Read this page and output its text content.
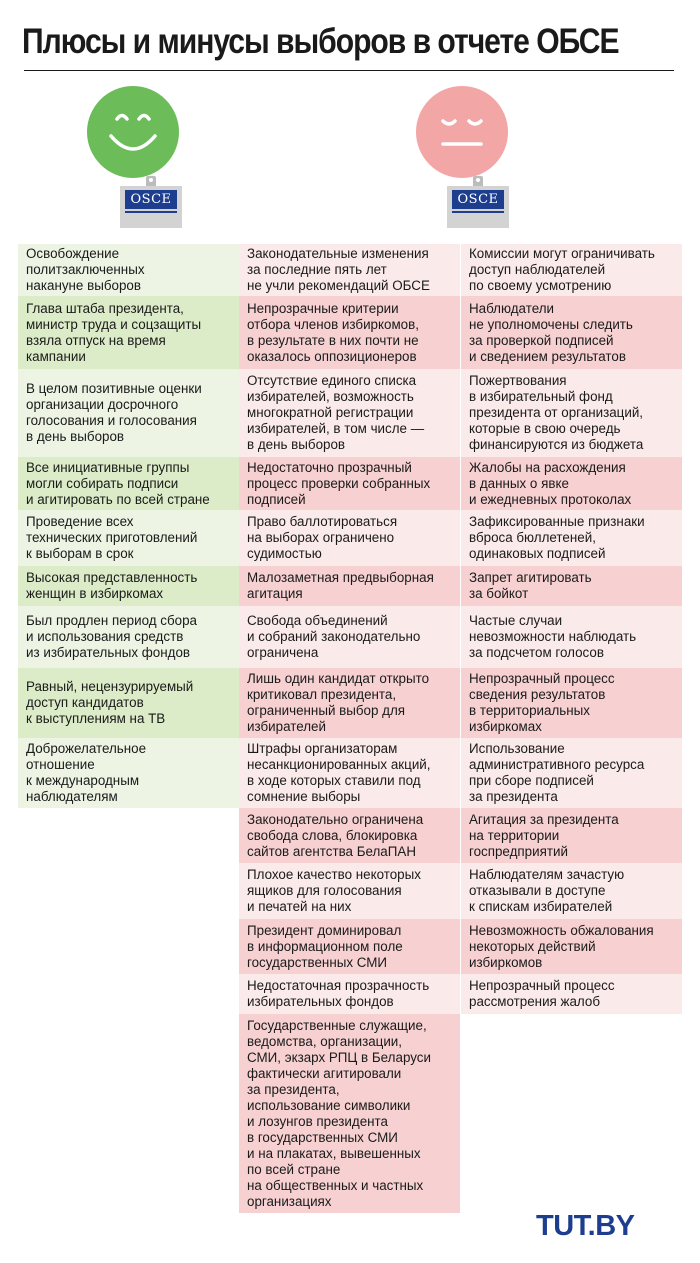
Плюсы и минусы выборов в отчете ОБСЕ
OSCE	OSCE
Освобождение
политзаключенных
накануне выборов
Глава штаба президента,
министр труда и соцзащиты
взяла отпуск на время
кампании
В целом позитивные оценки
организации досрочного
голосования и голосования
в день выборов
Все инициативные группы
могли собирать подписи
и агитировать по всей стране
Проведение всех
технических приготовлений
к выборам в срок
Высокая представленность
женщин в избиркомах
Был продлен период сбора
и использования средств
из избирательных фондов
Равный, нецензурируемый
доступ кандидатов
к выступлениям на ТВ
Доброжелательное
отношение
к международным
наблюдателям
Законодательные изменения
за последние пять лет
не учли рекомендаций ОБСЕ
Непрозрачные критерии
отбора членов избиркомов,
в результате в них почти не
оказалось оппозиционеров
Отсутствие единого списка
избирателей, возможность
многократной регистрации
избирателей, в том числе —
в день выборов
Недостаточно прозрачный
процесс проверки собранных
подписей
Право баллотироваться
на выборах ограничено
судимостью
Малозаметная предвыборная
агитация
Свобода объединений
и собраний законодательно
ограничена
Лишь один кандидат открыто
критиковал президента,
ограниченный выбор для
избирателей
Штрафы организаторам
несанкционированных акций,
в ходе которых ставили под
сомнение выборы
Законодательно ограничена
свобода слова, блокировка
сайтов агентства БелаПАН
Плохое качество некоторых
ящиков для голосования
и печатей на них
Президент доминировал
в информационном поле
государственных СМИ
Недостаточная прозрачность
избирательных фондов
Государственные служащие,
ведомства, организации,
СМИ, экзарх РПЦ в Беларуси
фактически агитировали
за президента,
использование символики
и лозунгов президента
в государственных СМИ
и на плакатах, вывешенных
по всей стране
на общественных и частных
организациях
Комиссии могут ограничивать
доступ наблюдателей
по своему усмотрению
Наблюдатели
не уполномочены следить
за проверкой подписей
и сведением результатов
Пожертвования
в избирательный фонд
президента от организаций,
которые в свою очередь
финансируются из бюджета
Жалобы на расхождения
в данных о явке
и ежедневных протоколах
Зафиксированные признаки
вброса бюллетеней,
одинаковых подписей
Запрет агитировать
за бойкот
Частые случаи
невозможности наблюдать
за подсчетом голосов
Непрозрачный процесс
сведения результатов
в территориальных
избиркомах
Использование
административного ресурса
при сборе подписей
за президента
Агитация за президента
на территории
госпредприятий
Наблюдателям зачастую
отказывали в доступе
к спискам избирателей
Невозможность обжалования
некоторых действий
избиркомов
Непрозрачный процесс
рассмотрения жалоб
TUT.BY
